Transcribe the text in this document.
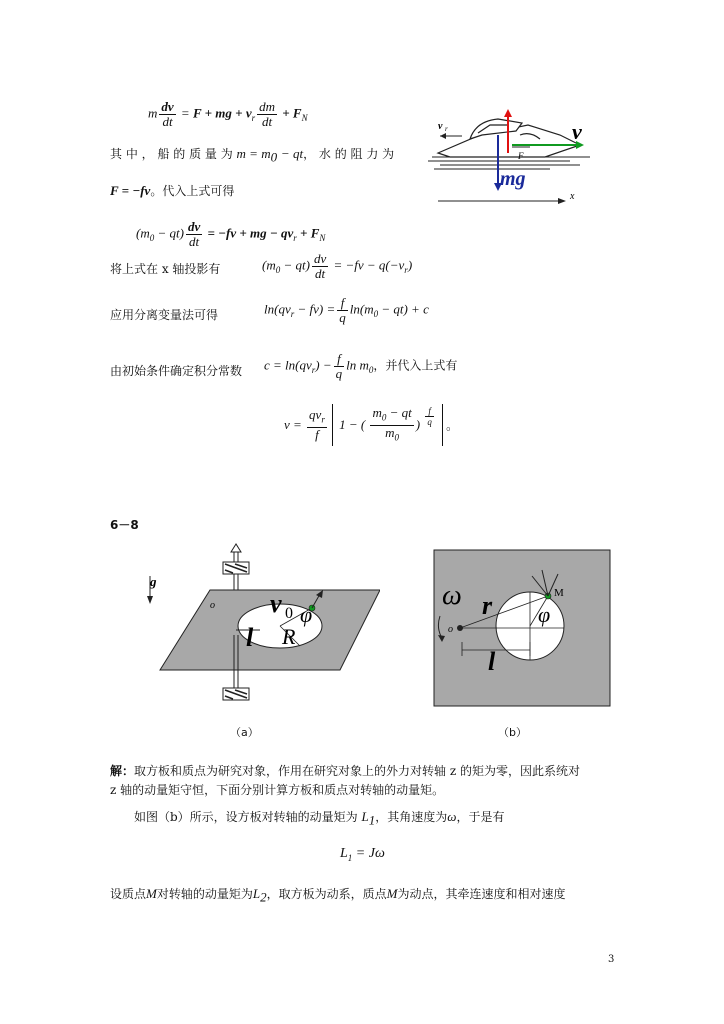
m $\frac{dv}{dt} = F$ + mg + $v_r \frac{dm}{dt} + F_N$
其 中 ， 船 的 质 量 为 $m = m_0$ − qt， 水 的 阻 力 为
F = −fv。代入上式可得
$(m_0 - qt) \frac{dv}{dt} = -fv$ + mg − $qv_r + F_N$
将上式在 x 轴投影有	$(m_0 - qt) \frac{dv}{dt} = -fv - q(-v_r)$
应用分离变量法可得	$\ln(qv_r - fv) = \frac{f}{q} \ln(m_0 - qt) + c$
由初始条件确定积分常数 $c = \ln(qv_r) - \frac{f}{q}$ $\ln m_0$，并代入上式有
$v = \frac{qv_r}{f} 1$ − ( $\frac{m_0 - qt}{m_0}$ ) $\frac{f}{q}$ 。
v r
mg
v
F
x
6－8
g
o v 0 φ
l R
（a）
ω r	M
o
φ
l
（b）
解：取方板和质点为研究对象，作用在研究对象上的外力对转轴 z 的矩为零，因此系统对
z 轴的动量矩守恒，下面分别计算方板和质点对转轴的动量矩。
如图（b）所示，设方板对转轴的动量矩为 $L_1$，其角速度为ω，于是有
$L_1 = J\omega$
设质点M对转轴的动量矩为$L_2$，取方板为动系，质点M为动点，其牵连速度和相对速度
3
